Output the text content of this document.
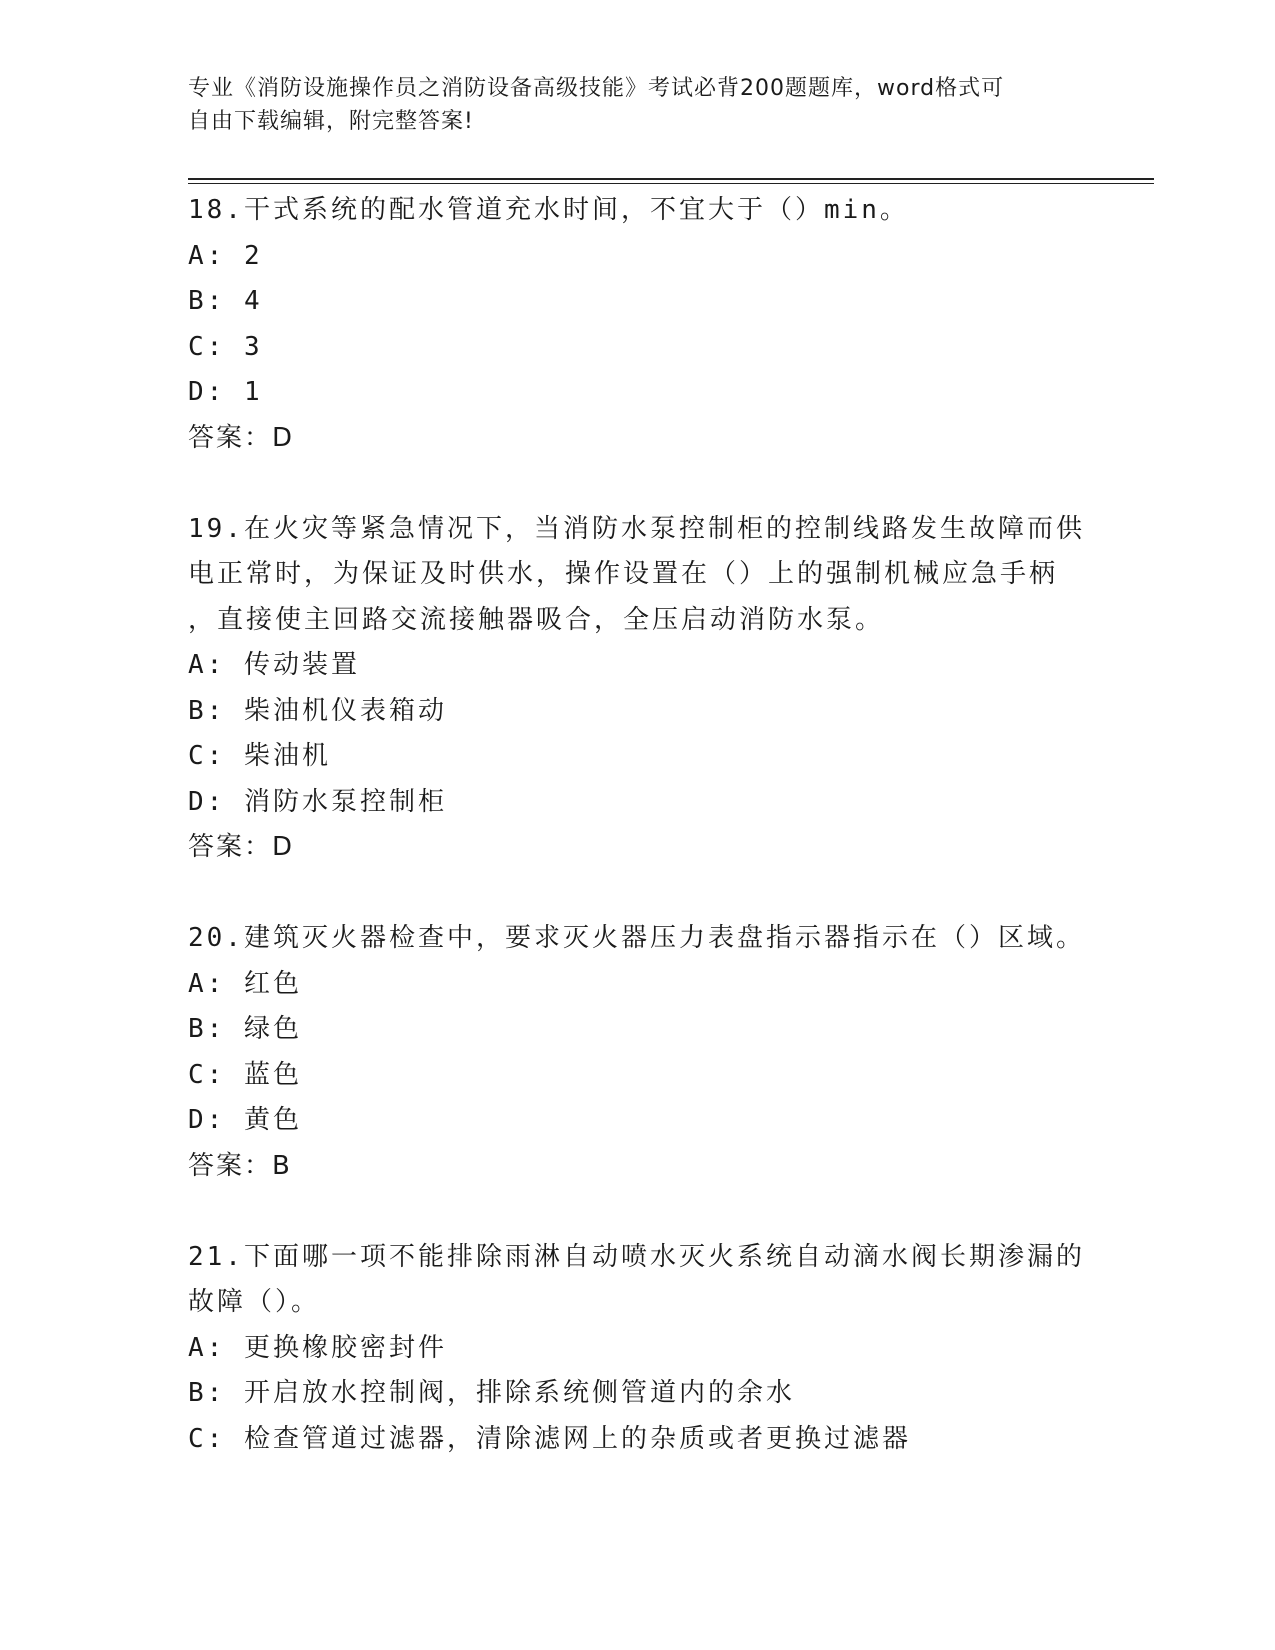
专业《消防设施操作员之消防设备高级技能》考试必背200题题库，word格式可
自由下载编辑，附完整答案!
18.干式系统的配水管道充水时间，不宜大于（）min。
A: 2
B: 4
C: 3
D: 1
答案：D
19.在火灾等紧急情况下，当消防水泵控制柜的控制线路发生故障而供
电正常时，为保证及时供水，操作设置在（）上的强制机械应急手柄
，直接使主回路交流接触器吸合，全压启动消防水泵。
A: 传动装置
B: 柴油机仪表箱动
C: 柴油机
D: 消防水泵控制柜
答案：D
20.建筑灭火器检查中，要求灭火器压力表盘指示器指示在（）区域。
A: 红色
B: 绿色
C: 蓝色
D: 黄色
答案：B
21.下面哪一项不能排除雨淋自动喷水灭火系统自动滴水阀长期渗漏的
故障（）。
A: 更换橡胶密封件
B: 开启放水控制阀，排除系统侧管道内的余水
C: 检查管道过滤器，清除滤网上的杂质或者更换过滤器
